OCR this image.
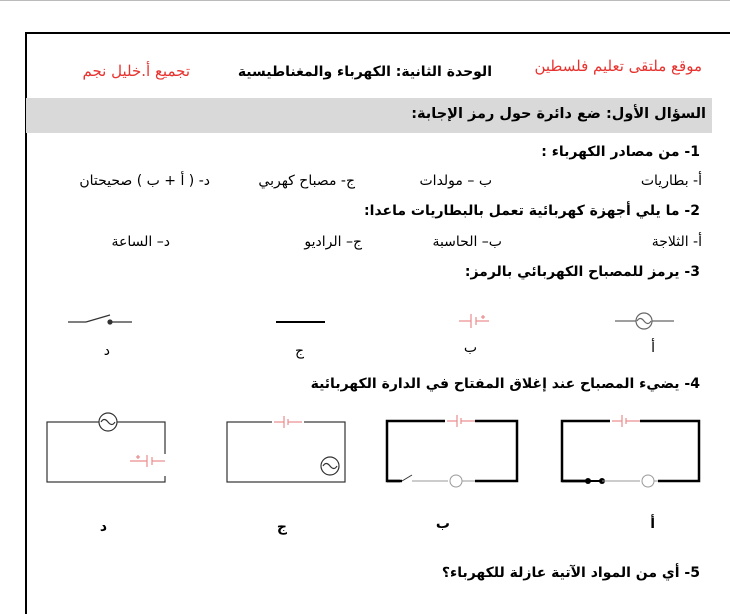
موقع ملتقى تعليم فلسطين
الوحدة الثانية: الكهرباء والمغناطيسية
تجميع أ.خليل نجم
السؤال الأول: ضع دائرة حول رمز الإجابة:
1- من مصادر الكهرباء :
أ- بطاريات
ب – مولدات
ج- مصباح كهربي
د- ( أ + ب ) صحيحتان
2- ما يلي أجهزة كهربائية تعمل بالبطاريات ماعدا:
أ- الثلاجة
ب– الحاسبة
ج– الراديو
د– الساعة
3- يرمز للمصباح الكهربائي بالرمز:
أ
ب
ج
د
4- يضيء المصباح عند إغلاق المفتاح في الدارة الكهربائية
أ
ب
ج
د
5- أي من المواد الآتية عازلة للكهرباء؟
